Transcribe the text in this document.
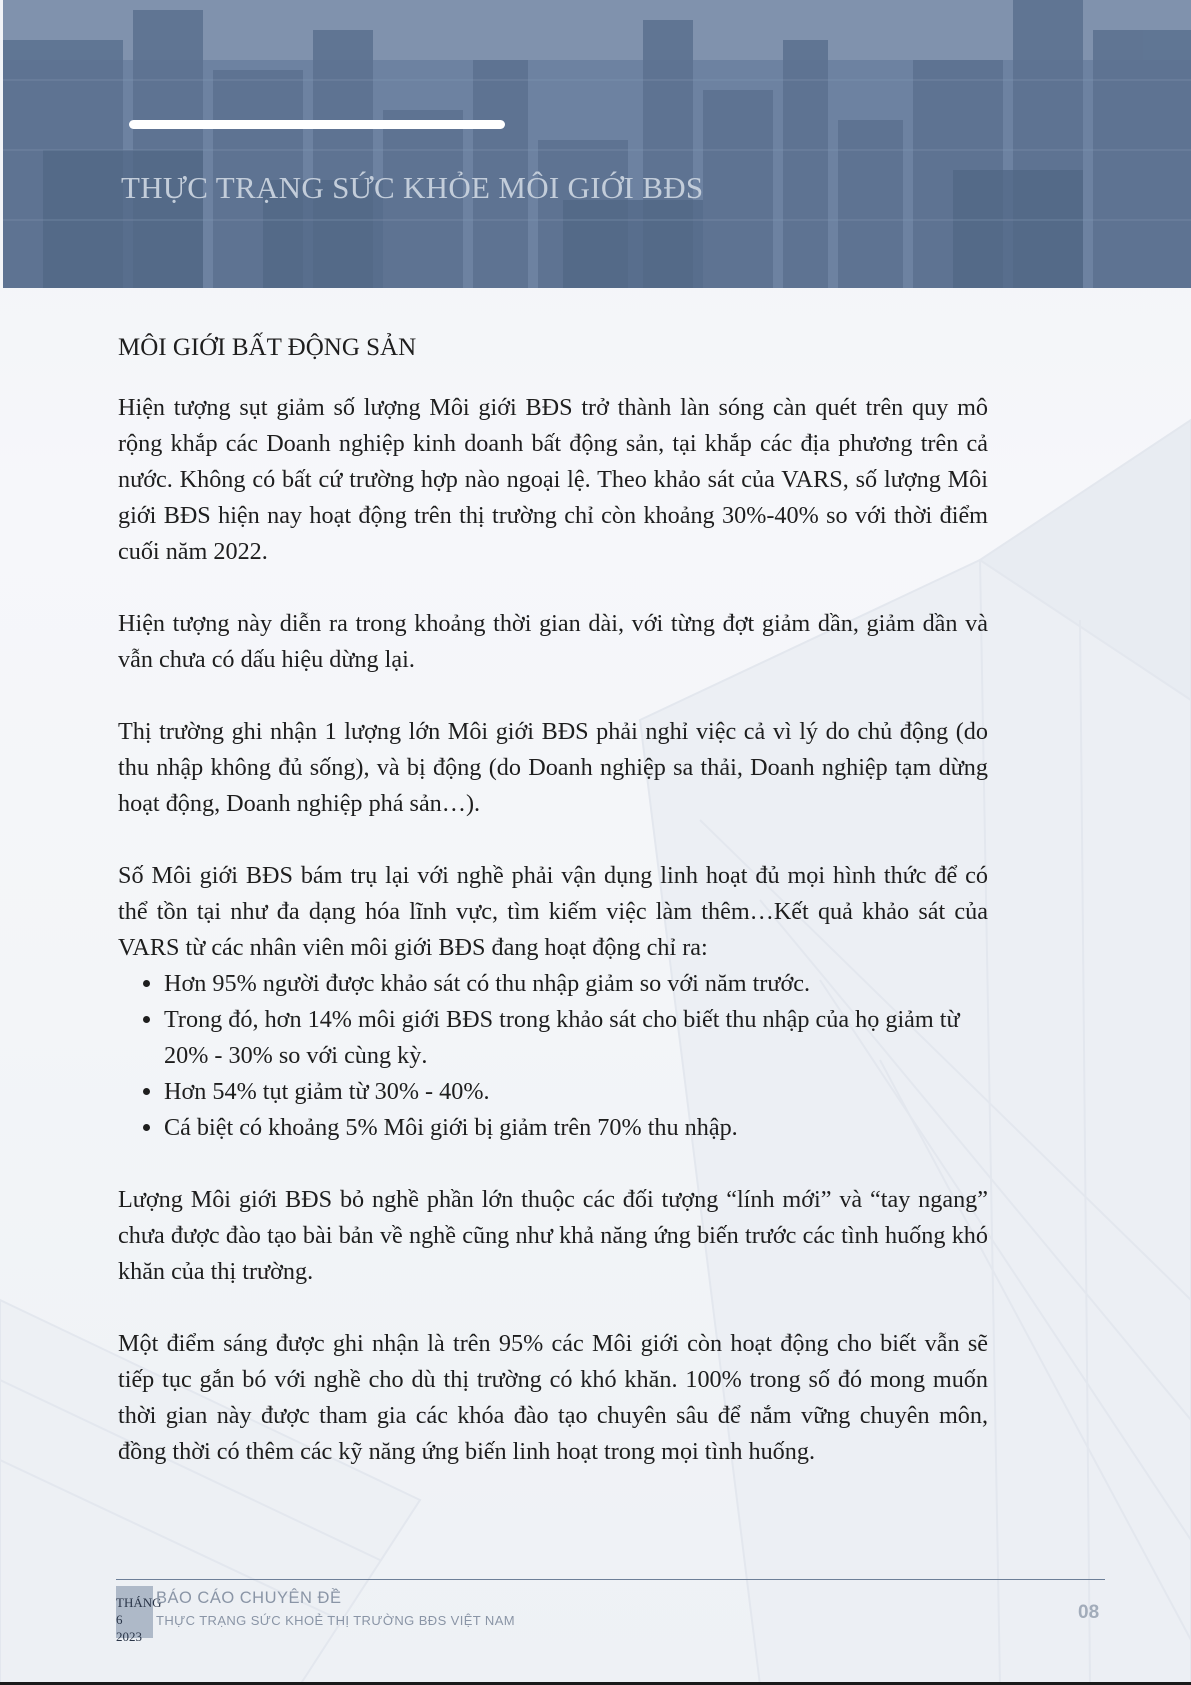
THỰC TRẠNG SỨC KHỎE MÔI GIỚI BĐS
MÔI GIỚI BẤT ĐỘNG SẢN

Hiện tượng sụt giảm số lượng Môi giới BĐS trở thành làn sóng càn quét trên quy mô rộng khắp các Doanh nghiệp kinh doanh bất động sản, tại khắp các địa phương trên cả nước. Không có bất cứ trường hợp nào ngoại lệ. Theo khảo sát của VARS, số lượng Môi giới BĐS hiện nay hoạt động trên thị trường chỉ còn khoảng 30%-40% so với thời điểm cuối năm 2022.

Hiện tượng này diễn ra trong khoảng thời gian dài, với từng đợt giảm dần, giảm dần và vẫn chưa có dấu hiệu dừng lại.

Thị trường ghi nhận 1 lượng lớn Môi giới BĐS phải nghỉ việc cả vì lý do chủ động (do thu nhập không đủ sống), và bị động (do Doanh nghiệp sa thải, Doanh nghiệp tạm dừng hoạt động, Doanh nghiệp phá sản…).

Số Môi giới BĐS bám trụ lại với nghề phải vận dụng linh hoạt đủ mọi hình thức để có thể tồn tại như đa dạng hóa lĩnh vực, tìm kiếm việc làm thêm…Kết quả khảo sát của VARS từ các nhân viên môi giới BĐS đang hoạt động chỉ ra:

• Hơn 95% người được khảo sát có thu nhập giảm so với năm trước.
• Trong đó, hơn 14% môi giới BĐS trong khảo sát cho biết thu nhập của họ giảm từ 20% - 30% so với cùng kỳ.
• Hơn 54% tụt giảm từ 30% - 40%.
• Cá biệt có khoảng 5% Môi giới bị giảm trên 70% thu nhập.

Lượng Môi giới BĐS bỏ nghề phần lớn thuộc các đối tượng “lính mới” và “tay ngang” chưa được đào tạo bài bản về nghề cũng như khả năng ứng biến trước các tình huống khó khăn của thị trường.

Một điểm sáng được ghi nhận là trên 95% các Môi giới còn hoạt động cho biết vẫn sẽ tiếp tục gắn bó với nghề cho dù thị trường có khó khăn. 100% trong số đó mong muốn thời gian này được tham gia các khóa đào tạo chuyên sâu để nắm vững chuyên môn, đồng thời có thêm các kỹ năng ứng biến linh hoạt trong mọi tình huống.

THÁNG 6
2023
BÁO CÁO CHUYÊN ĐỀ
THỰC TRẠNG SỨC KHOẺ THỊ TRƯỜNG BĐS VIỆT NAM	08
